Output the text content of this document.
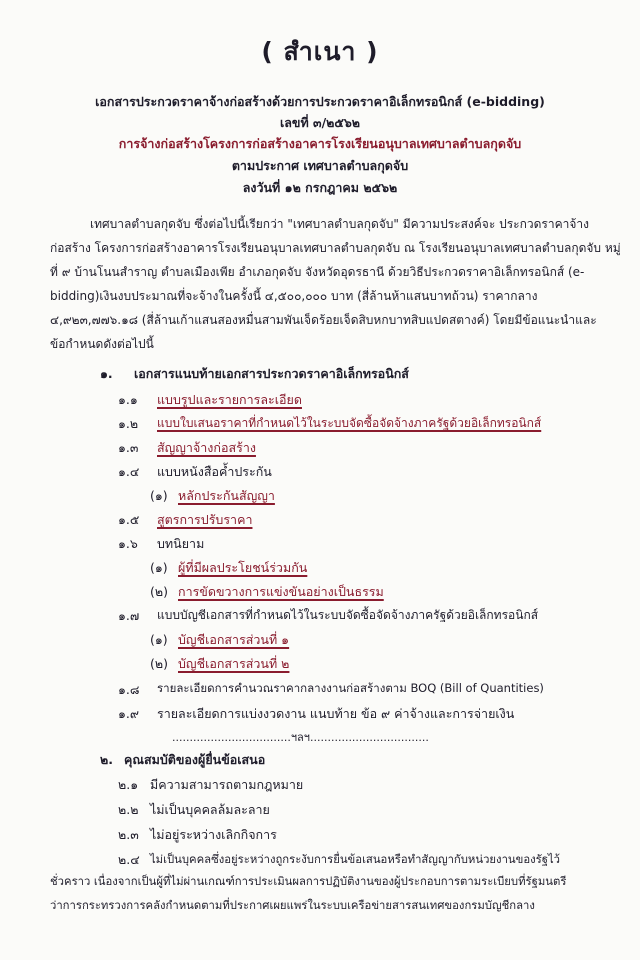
( สำเนา )
เอกสารประกวดราคาจ้างก่อสร้างด้วยการประกวดราคาอิเล็กทรอนิกส์ (e-bidding)
เลขที่ ๓/๒๕๖๒
การจ้างก่อสร้างโครงการก่อสร้างอาคารโรงเรียนอนุบาลเทศบาลตำบลกุดจับ
ตามประกาศ เทศบาลตำบลกุดจับ
ลงวันที่ ๑๒ กรกฎาคม ๒๕๖๒
เทศบาลตำบลกุดจับ ซึ่งต่อไปนี้เรียกว่า "เทศบาลตำบลกุดจับ" มีความประสงค์จะ ประกวดราคาจ้าง
ก่อสร้าง โครงการก่อสร้างอาคารโรงเรียนอนุบาลเทศบาลตำบลกุดจับ ณ โรงเรียนอนุบาลเทศบาลตำบลกุดจับ หมู่
ที่ ๙ บ้านโนนสำราญ ตำบลเมืองเพีย อำเภอกุดจับ จังหวัดอุดรธานี ด้วยวิธีประกวดราคาอิเล็กทรอนิกส์ (e-
bidding)เงินงบประมาณที่จะจ้างในครั้งนี้ ๔,๕๐๐,๐๐๐ บาท (สี่ล้านห้าแสนบาทถ้วน) ราคากลาง
๔,๙๒๓,๗๗๖.๑๘ (สี่ล้านเก้าแสนสองหมื่นสามพันเจ็ดร้อยเจ็ดสิบหกบาทสิบแปดสตางค์) โดยมีข้อแนะนำและ
ข้อกำหนดดังต่อไปนี้
๑. เอกสารแนบท้ายเอกสารประกวดราคาอิเล็กทรอนิกส์
๑.๑ แบบรูปและรายการละเอียด
๑.๒ แบบใบเสนอราคาที่กำหนดไว้ในระบบจัดซื้อจัดจ้างภาครัฐด้วยอิเล็กทรอนิกส์
๑.๓ สัญญาจ้างก่อสร้าง
๑.๔ แบบหนังสือค้ำประกัน
(๑) หลักประกันสัญญา
๑.๕ สูตรการปรับราคา
๑.๖ บทนิยาม
(๑) ผู้ที่มีผลประโยชน์ร่วมกัน
(๒) การขัดขวางการแข่งขันอย่างเป็นธรรม
๑.๗ แบบบัญชีเอกสารที่กำหนดไว้ในระบบจัดซื้อจัดจ้างภาครัฐด้วยอิเล็กทรอนิกส์
(๑) บัญชีเอกสารส่วนที่ ๑
(๒) บัญชีเอกสารส่วนที่ ๒
๑.๘ รายละเอียดการคำนวณราคากลางงานก่อสร้างตาม BOQ (Bill of Quantities)
๑.๙ รายละเอียดการแบ่งงวดงาน แนบท้าย ข้อ ๙ ค่าจ้างและการจ่ายเงิน
..................................ฯลฯ..................................
๒. คุณสมบัติของผู้ยื่นข้อเสนอ
๒.๑ มีความสามารถตามกฎหมาย
๒.๒ ไม่เป็นบุคคลล้มละลาย
๒.๓ ไม่อยู่ระหว่างเลิกกิจการ
๒.๔ ไม่เป็นบุคคลซึ่งอยู่ระหว่างถูกระงับการยื่นข้อเสนอหรือทำสัญญากับหน่วยงานของรัฐไว้
ชั่วคราว เนื่องจากเป็นผู้ที่ไม่ผ่านเกณฑ์การประเมินผลการปฏิบัติงานของผู้ประกอบการตามระเบียบที่รัฐมนตรี
ว่าการกระทรวงการคลังกำหนดตามที่ประกาศเผยแพร่ในระบบเครือข่ายสารสนเทศของกรมบัญชีกลาง
